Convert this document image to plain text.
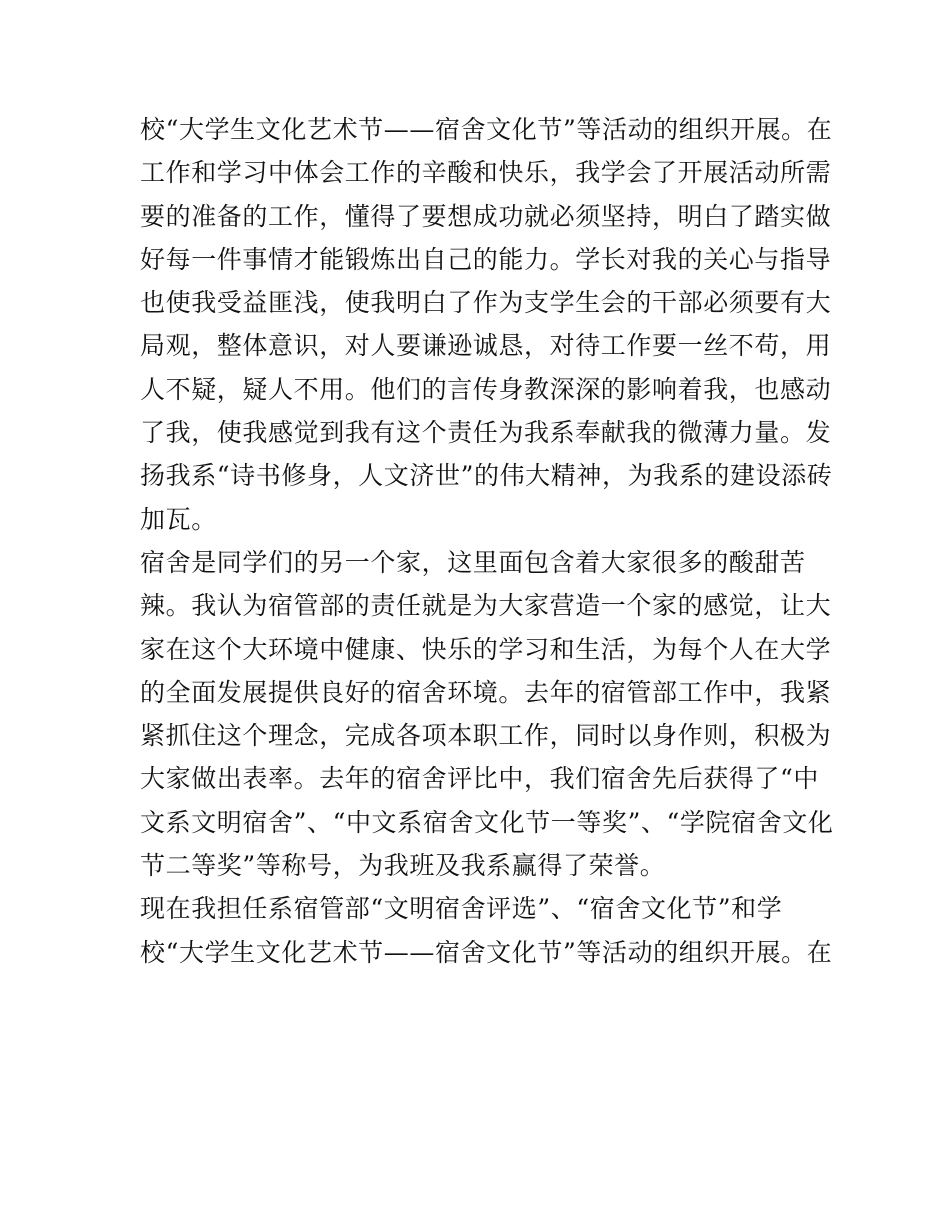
校“大学生文化艺术节——宿舍文化节”等活动的组织开展。在
工作和学习中体会工作的辛酸和快乐，我学会了开展活动所需
要的准备的工作，懂得了要想成功就必须坚持，明白了踏实做
好每一件事情才能锻炼出自己的能力。学长对我的关心与指导
也使我受益匪浅，使我明白了作为支学生会的干部必须要有大
局观，整体意识，对人要谦逊诚恳，对待工作要一丝不苟，用
人不疑，疑人不用。他们的言传身教深深的影响着我，也感动
了我，使我感觉到我有这个责任为我系奉献我的微薄力量。发
扬我系“诗书修身，人文济世”的伟大精神，为我系的建设添砖
加瓦。
宿舍是同学们的另一个家，这里面包含着大家很多的酸甜苦
辣。我认为宿管部的责任就是为大家营造一个家的感觉，让大
家在这个大环境中健康、快乐的学习和生活，为每个人在大学
的全面发展提供良好的宿舍环境。去年的宿管部工作中，我紧
紧抓住这个理念，完成各项本职工作，同时以身作则，积极为
大家做出表率。去年的宿舍评比中，我们宿舍先后获得了“中
文系文明宿舍”、“中文系宿舍文化节一等奖”、“学院宿舍文化
节二等奖”等称号，为我班及我系赢得了荣誉。
现在我担任系宿管部“文明宿舍评选”、“宿舍文化节”和学
校“大学生文化艺术节——宿舍文化节”等活动的组织开展。在
